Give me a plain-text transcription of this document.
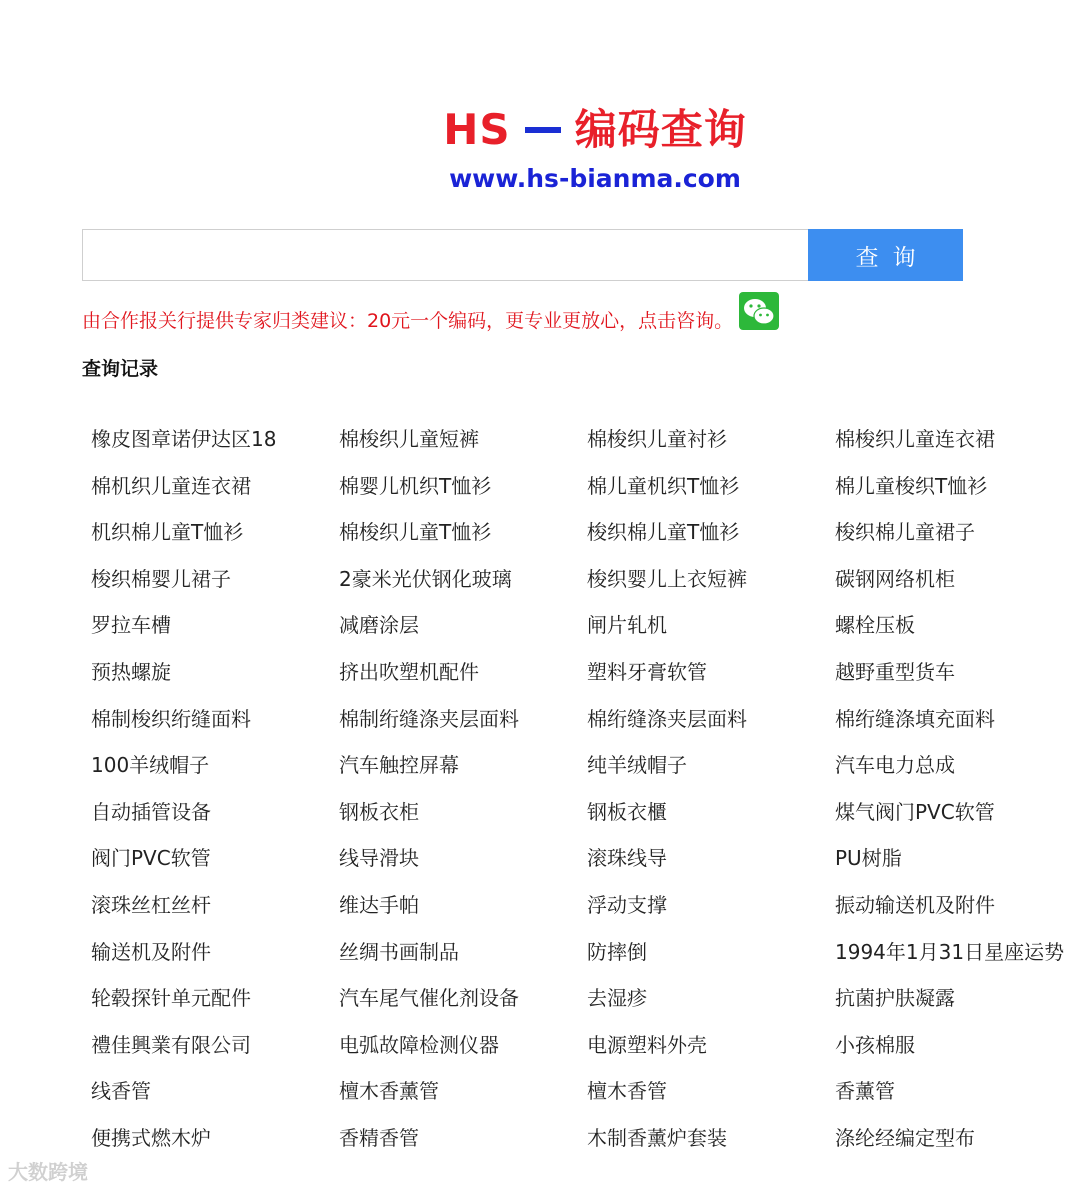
HS 编码查询
www.hs-bianma.com
查询
由合作报关行提供专家归类建议：20元一个编码，更专业更放心，点击咨询。
查询记录
橡皮图章诺伊达区18	棉梭织儿童短裤	棉梭织儿童衬衫	棉梭织儿童连衣裙
棉机织儿童连衣裙	棉婴儿机织T恤衫	棉儿童机织T恤衫	棉儿童梭织T恤衫
机织棉儿童T恤衫	棉梭织儿童T恤衫	梭织棉儿童T恤衫	梭织棉儿童裙子
梭织棉婴儿裙子	2豪米光伏钢化玻璃	梭织婴儿上衣短裤	碳钢网络机柜
罗拉车槽	减磨涂层	闸片轧机	螺栓压板
预热螺旋	挤出吹塑机配件	塑料牙膏软管	越野重型货车
棉制梭织绗缝面料	棉制绗缝涤夹层面料	棉绗缝涤夹层面料	棉绗缝涤填充面料
100羊绒帽子	汽车触控屏幕	纯羊绒帽子	汽车电力总成
自动插管设备	钢板衣柜	钢板衣櫃	煤气阀门PVC软管
阀门PVC软管	线导滑块	滚珠线导	PU树脂
滚珠丝杠丝杆	维达手帕	浮动支撑	振动输送机及附件
输送机及附件	丝绸书画制品	防摔倒	1994年1月31日星座运势
轮毂探针单元配件	汽车尾气催化剂设备	去湿疹	抗菌护肤凝露
禮佳興業有限公司	电弧故障检测仪器	电源塑料外壳	小孩棉服
线香管	檀木香薰管	檀木香管	香薰管
便携式燃木炉	香精香管	木制香薰炉套装	涤纶经编定型布
大数跨境
